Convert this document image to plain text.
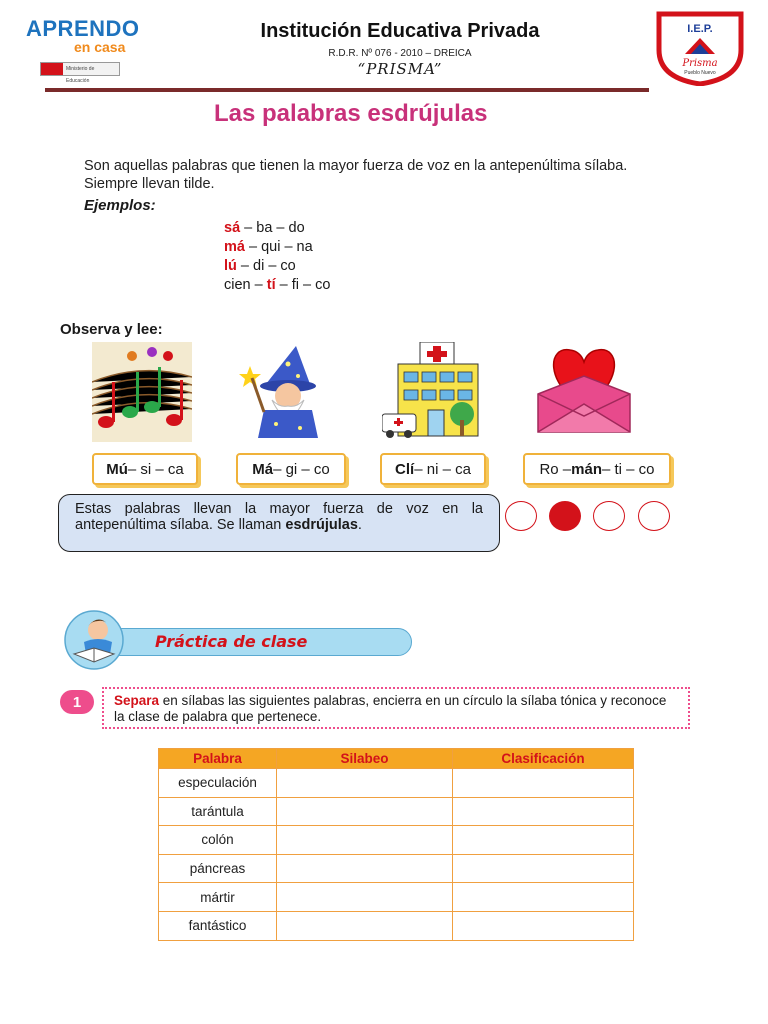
APRENDO
en casa
Ministerio de Educación
Institución Educativa Privada
R.D.R. Nº 076 - 2010 – DREICA
“PRISMA”
I.E.P.
Prisma
Pueblo Nuevo
Las palabras esdrújulas
Son aquellas palabras que tienen la mayor fuerza de voz en la antepenúltima sílaba.
Siempre llevan tilde.
Ejemplos:
sá – ba – do
má – qui – na
lú – di – co
cien – tí – fi – co
Observa y lee:
Mú – si – ca	Má – gi – co	Clí – ni – ca	Ro – mán – ti – co
Estas palabras llevan la mayor fuerza de voz en la antepenúltima sílaba. Se llaman esdrújulas.
Práctica de clase
1	Separa en sílabas las siguientes palabras, encierra en un círculo la sílaba tónica y reconoce la clase de palabra que pertenece.
Palabra	Silabeo	Clasificación
especulación		
tarántula		
colón		
páncreas		
mártir		
fantástico		
